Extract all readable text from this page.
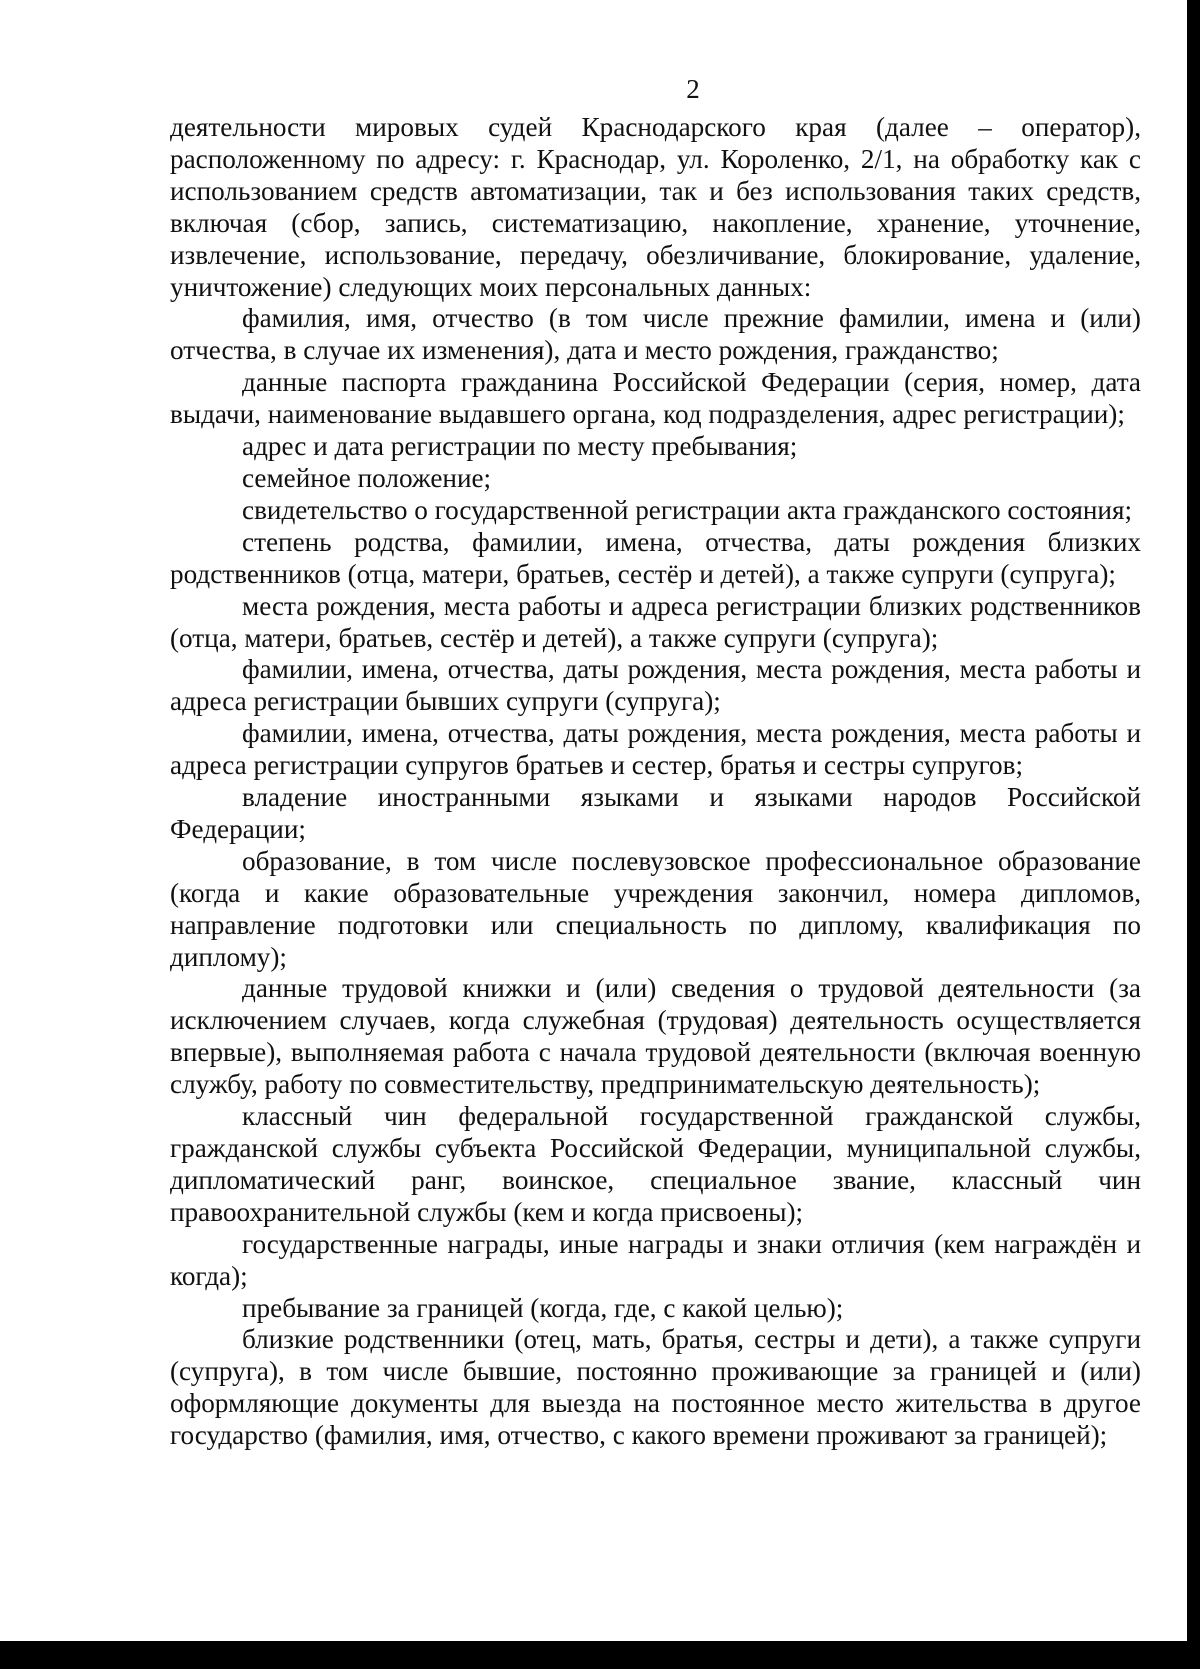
2

деятельности мировых судей Краснодарского края (далее – оператор), расположенному по адресу: г. Краснодар, ул. Короленко, 2/1, на обработку как с использованием средств автоматизации, так и без использования таких средств, включая (сбор, запись, систематизацию, накопление, хранение, уточнение, извлечение, использование, передачу, обезличивание, блокирование, удаление, уничтожение) следующих моих персональных данных:

фамилия, имя, отчество (в том числе прежние фамилии, имена и (или) отчества, в случае их изменения), дата и место рождения, гражданство;

данные паспорта гражданина Российской Федерации (серия, номер, дата выдачи, наименование выдавшего органа, код подразделения, адрес регистрации);

адрес и дата регистрации по месту пребывания;

семейное положение;

свидетельство о государственной регистрации акта гражданского состояния;

степень родства, фамилии, имена, отчества, даты рождения близких родственников (отца, матери, братьев, сестёр и детей), а также супруги (супруга);

места рождения, места работы и адреса регистрации близких родственников (отца, матери, братьев, сестёр и детей), а также супруги (супруга);

фамилии, имена, отчества, даты рождения, места рождения, места работы и адреса регистрации бывших супруги (супруга);

фамилии, имена, отчества, даты рождения, места рождения, места работы и адреса регистрации супругов братьев и сестер, братья и сестры супругов;

владение иностранными языками и языками народов Российской Федерации;

образование, в том числе послевузовское профессиональное образование (когда и какие образовательные учреждения закончил, номера дипломов, направление подготовки или специальность по диплому, квалификация по диплому);

данные трудовой книжки и (или) сведения о трудовой деятельности (за исключением случаев, когда служебная (трудовая) деятельность осуществляется впервые), выполняемая работа с начала трудовой деятельности (включая военную службу, работу по совместительству, предпринимательскую деятельность);

классный чин федеральной государственной гражданской службы, гражданской службы субъекта Российской Федерации, муниципальной службы, дипломатический ранг, воинское, специальное звание, классный чин правоохранительной службы (кем и когда присвоены);

государственные награды, иные награды и знаки отличия (кем награждён и когда);

пребывание за границей (когда, где, с какой целью);

близкие родственники (отец, мать, братья, сестры и дети), а также супруги (супруга), в том числе бывшие, постоянно проживающие за границей и (или) оформляющие документы для выезда на постоянное место жительства в другое государство (фамилия, имя, отчество, с какого времени проживают за границей);
